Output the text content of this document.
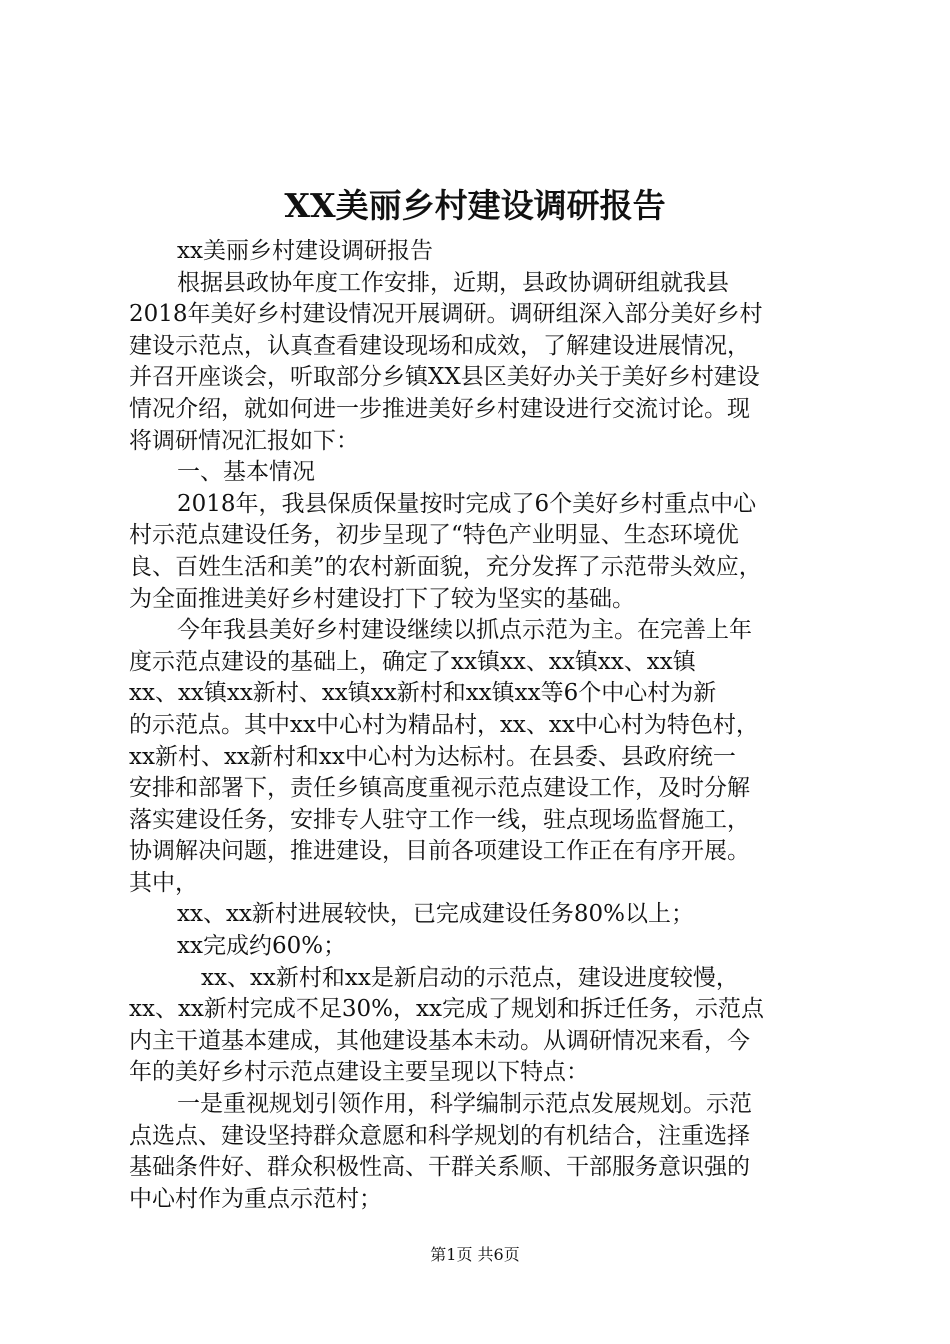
XX美丽乡村建设调研报告
xx美丽乡村建设调研报告
根据县政协年度工作安排，近期，县政协调研组就我县
2018年美好乡村建设情况开展调研。调研组深入部分美好乡村
建设示范点，认真查看建设现场和成效，了解建设进展情况，
并召开座谈会，听取部分乡镇XX县区美好办关于美好乡村建设
情况介绍，就如何进一步推进美好乡村建设进行交流讨论。现
将调研情况汇报如下：
一、基本情况
2018年，我县保质保量按时完成了6个美好乡村重点中心
村示范点建设任务，初步呈现了“特色产业明显、生态环境优
良、百姓生活和美”的农村新面貌，充分发挥了示范带头效应，
为全面推进美好乡村建设打下了较为坚实的基础。
今年我县美好乡村建设继续以抓点示范为主。在完善上年
度示范点建设的基础上，确定了xx镇xx、xx镇xx、xx镇
xx、xx镇xx新村、xx镇xx新村和xx镇xx等6个中心村为新
的示范点。其中xx中心村为精品村，xx、xx中心村为特色村，
xx新村、xx新村和xx中心村为达标村。在县委、县政府统一
安排和部署下，责任乡镇高度重视示范点建设工作，及时分解
落实建设任务，安排专人驻守工作一线，驻点现场监督施工，
协调解决问题，推进建设，目前各项建设工作正在有序开展。
其中，
xx、xx新村进展较快，已完成建设任务80%以上；
xx完成约60%；
xx、xx新村和xx是新启动的示范点，建设进度较慢，
xx、xx新村完成不足30%，xx完成了规划和拆迁任务，示范点
内主干道基本建成，其他建设基本未动。从调研情况来看，今
年的美好乡村示范点建设主要呈现以下特点：
一是重视规划引领作用，科学编制示范点发展规划。示范
点选点、建设坚持群众意愿和科学规划的有机结合，注重选择
基础条件好、群众积极性高、干群关系顺、干部服务意识强的
中心村作为重点示范村；
第1页 共6页
